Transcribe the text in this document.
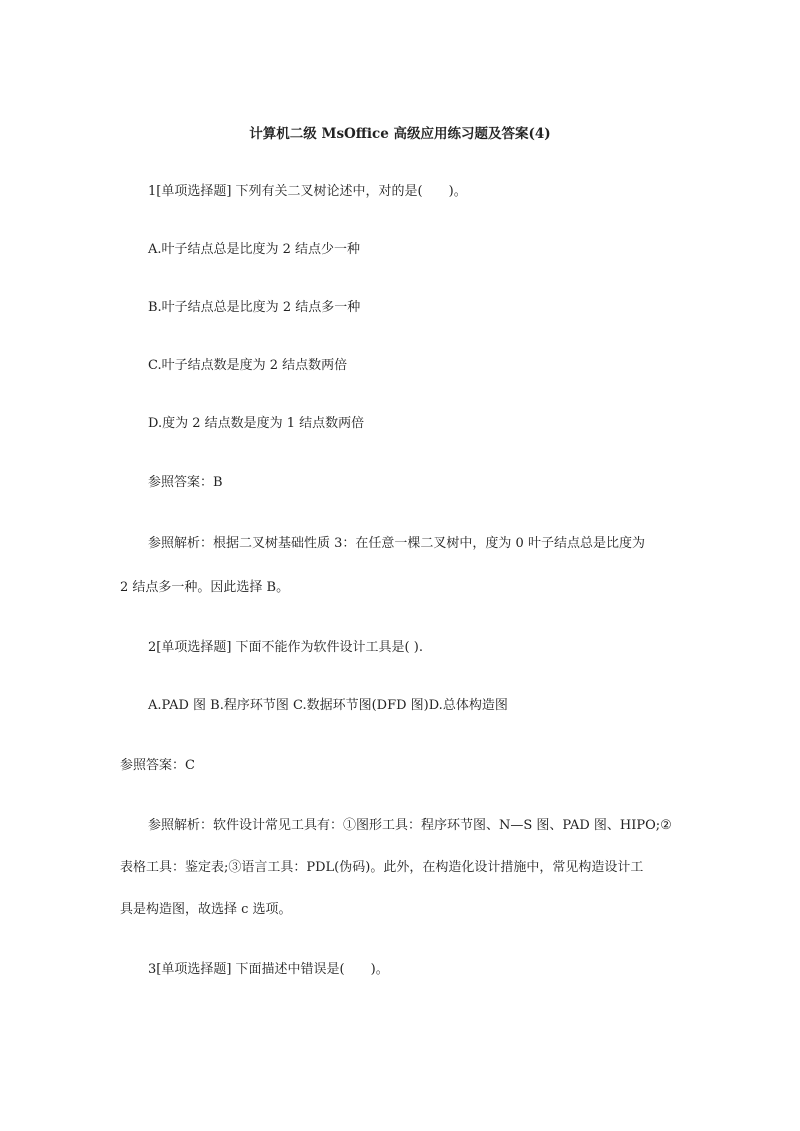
计算机二级 MsOffice 高级应用练习题及答案(4)
1[单项选择题] 下列有关二叉树论述中，对的是(　　)。
A.叶子结点总是比度为 2 结点少一种
B.叶子结点总是比度为 2 结点多一种
C.叶子结点数是度为 2 结点数两倍
D.度为 2 结点数是度为 1 结点数两倍
参照答案：B
参照解析：根据二叉树基础性质 3：在任意一棵二叉树中，度为 0 叶子结点总是比度为
2 结点多一种。因此选择 B。
2[单项选择题] 下面不能作为软件设计工具是( ).
A.PAD 图 B.程序环节图 C.数据环节图(DFD 图)D.总体构造图
参照答案：C
参照解析：软件设计常见工具有：①图形工具：程序环节图、N—S 图、PAD 图、HIPO;②
表格工具：鉴定表;③语言工具：PDL(伪码)。此外，在构造化设计措施中，常见构造设计工
具是构造图，故选择 c 选项。
3[单项选择题] 下面描述中错误是(　　)。
